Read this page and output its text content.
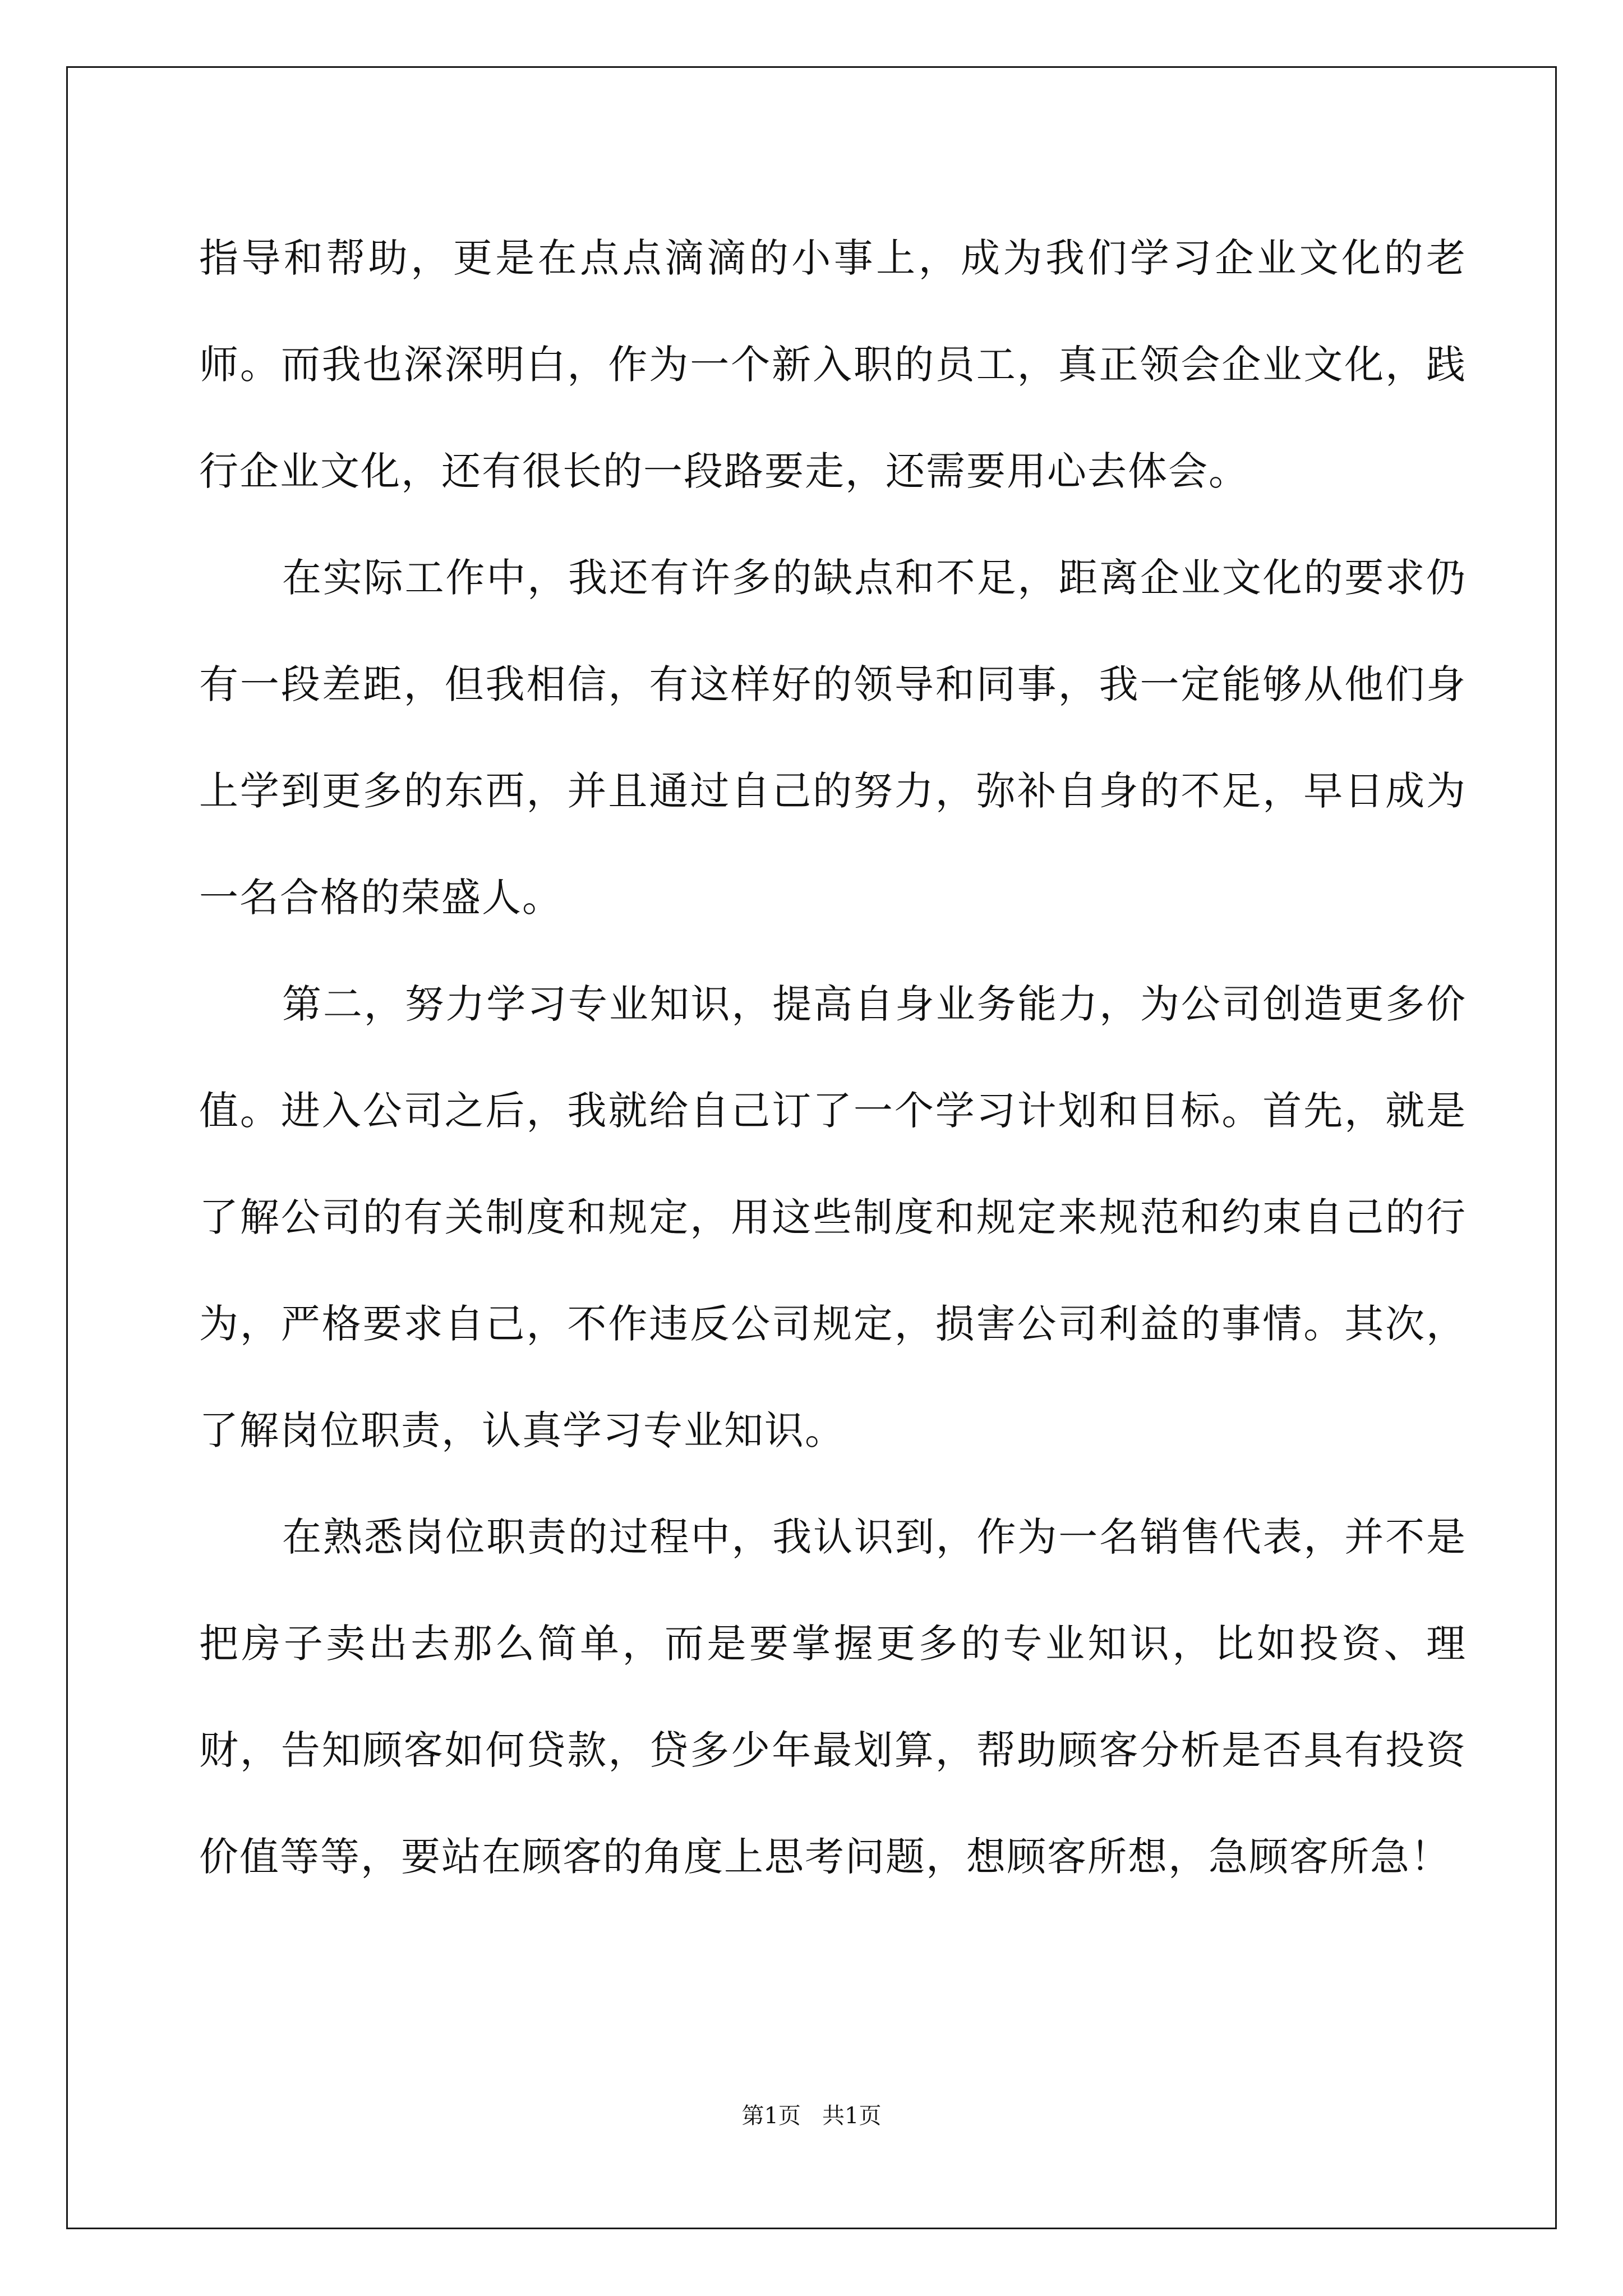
指导和帮助，更是在点点滴滴的小事上，成为我们学习企业文化的老师。而我也深深明白，作为一个新入职的员工，真正领会企业文化，践行企业文化，还有很长的一段路要走，还需要用心去体会。

在实际工作中，我还有许多的缺点和不足，距离企业文化的要求仍有一段差距，但我相信，有这样好的领导和同事，我一定能够从他们身上学到更多的东西，并且通过自己的努力，弥补自身的不足，早日成为一名合格的荣盛人。

第二，努力学习专业知识，提高自身业务能力，为公司创造更多价值。进入公司之后，我就给自己订了一个学习计划和目标。首先，就是了解公司的有关制度和规定，用这些制度和规定来规范和约束自己的行为，严格要求自己，不作违反公司规定，损害公司利益的事情。其次，了解岗位职责，认真学习专业知识。

在熟悉岗位职责的过程中，我认识到，作为一名销售代表，并不是把房子卖出去那么简单，而是要掌握更多的专业知识，比如投资、理财，告知顾客如何贷款，贷多少年最划算，帮助顾客分析是否具有投资价值等等，要站在顾客的角度上思考问题，想顾客所想，急顾客所急！

第1页   共1页
